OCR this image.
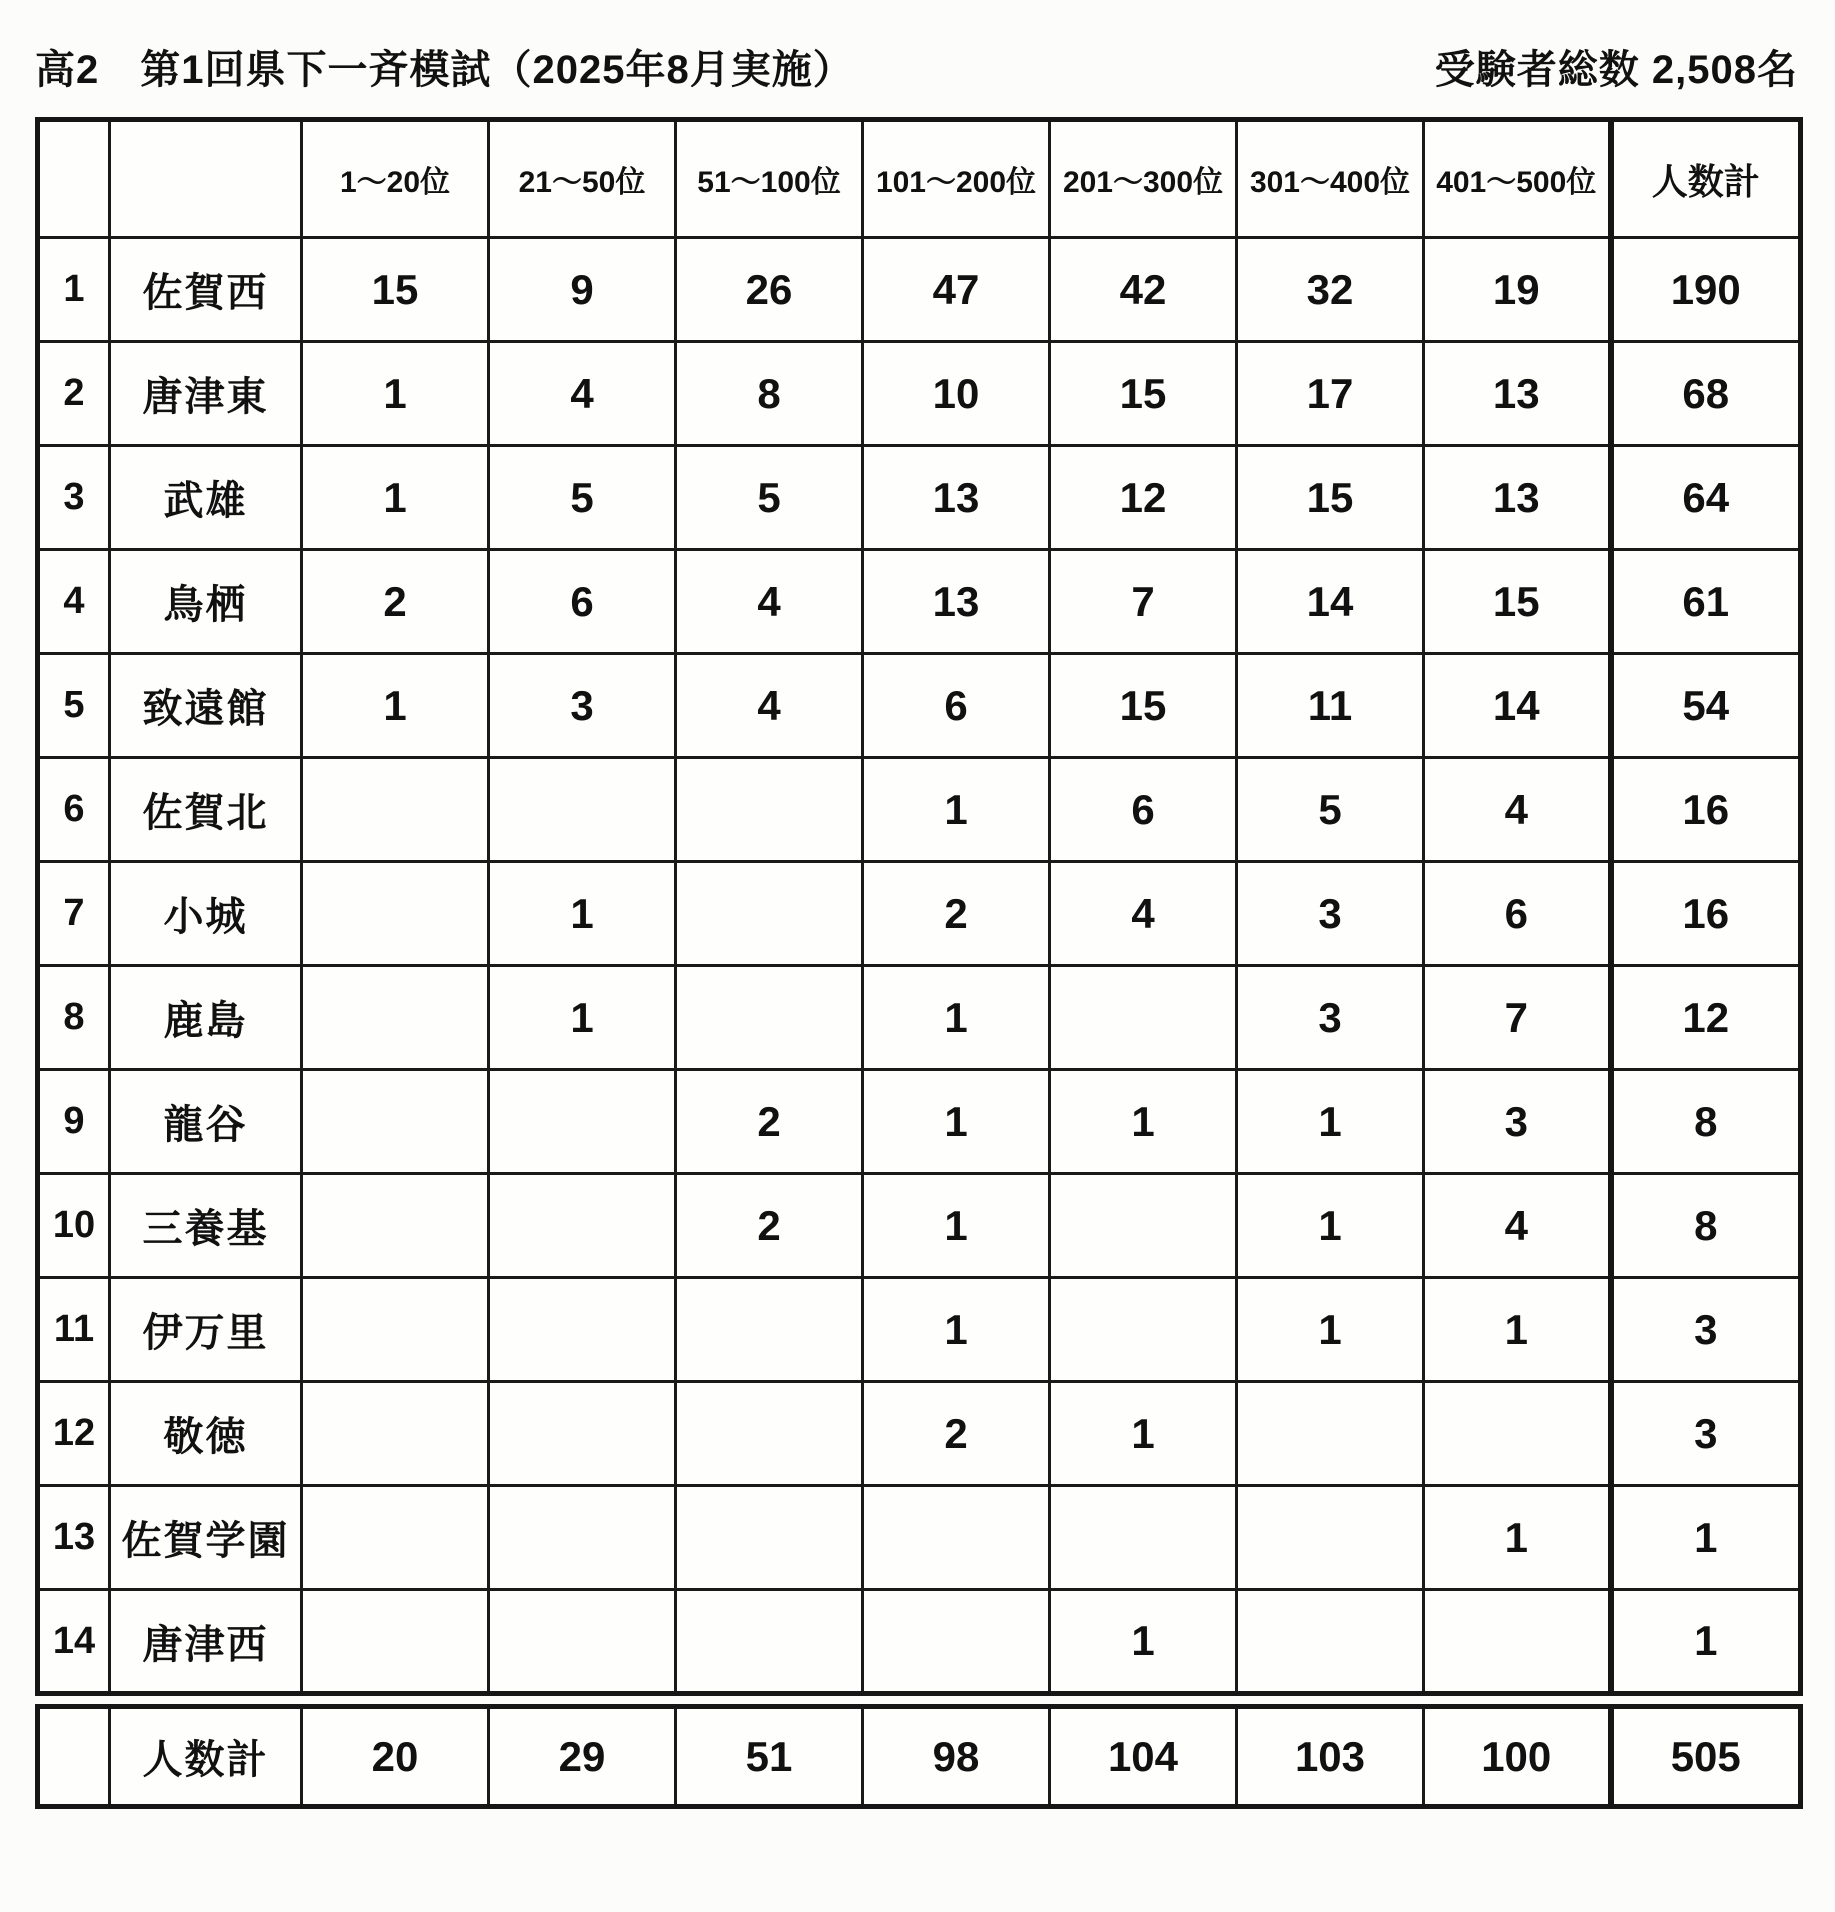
高2　第1回県下一斉模試（2025年8月実施）	受験者総数 2,508名
		1～20位	21～50位	51～100位	101～200位	201～300位	301～400位	401～500位	人数計
1	佐賀西	15	9	26	47	42	32	19	190
2	唐津東	1	4	8	10	15	17	13	68
3	武雄	1	5	5	13	12	15	13	64
4	鳥栖	2	6	4	13	7	14	15	61
5	致遠館	1	3	4	6	15	11	14	54
6	佐賀北				1	6	5	4	16
7	小城		1		2	4	3	6	16
8	鹿島		1		1		3	7	12
9	龍谷			2	1	1	1	3	8
10	三養基			2	1		1	4	8
11	伊万里				1		1	1	3
12	敬徳				2	1			3
13	佐賀学園							1	1
14	唐津西					1			1
	人数計	20	29	51	98	104	103	100	505
